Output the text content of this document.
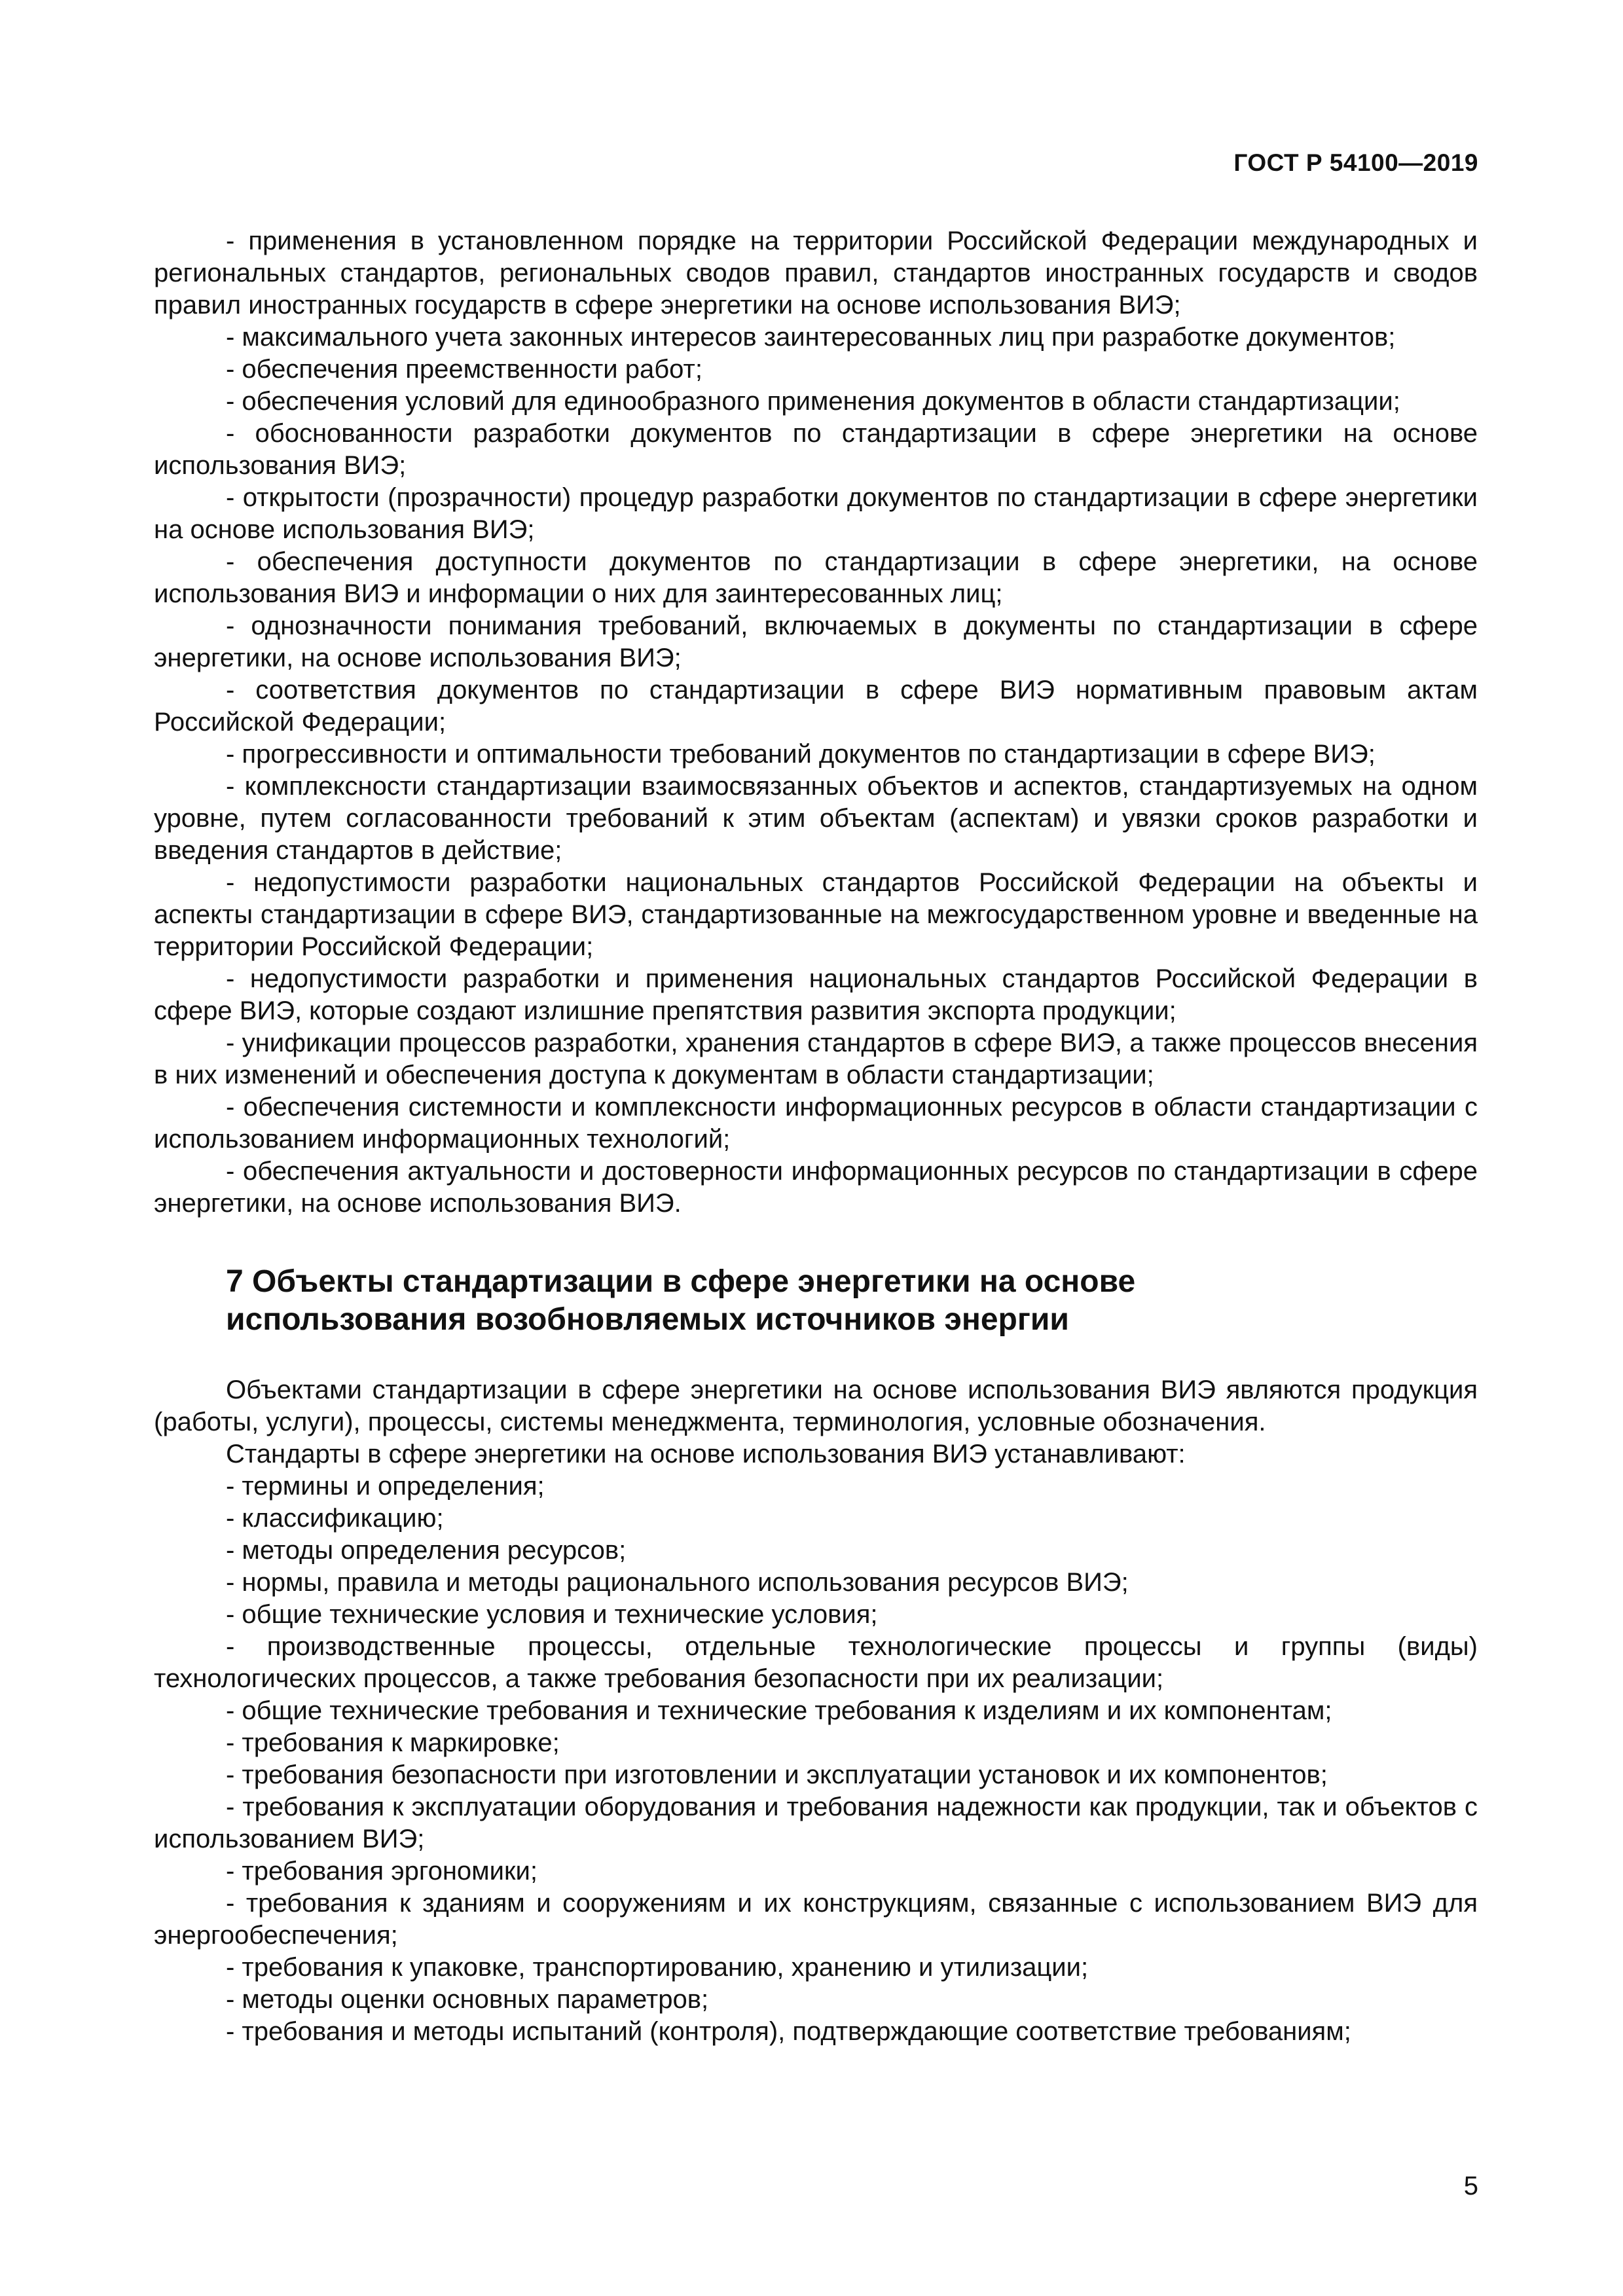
ГОСТ Р 54100—2019

- применения в установленном порядке на территории Российской Федерации международных и региональных стандартов, региональных сводов правил, стандартов иностранных государств и сводов правил иностранных государств в сфере энергетики на основе использования ВИЭ;

- максимального учета законных интересов заинтересованных лиц при разработке документов;

- обеспечения преемственности работ;

- обеспечения условий для единообразного применения документов в области стандартизации;

- обоснованности разработки документов по стандартизации в сфере энергетики на основе использования ВИЭ;

- открытости (прозрачности) процедур разработки документов по стандартизации в сфере энергетики на основе использования ВИЭ;

- обеспечения доступности документов по стандартизации в сфере энергетики, на основе использования ВИЭ и информации о них для заинтересованных лиц;

- однозначности понимания требований, включаемых в документы по стандартизации в сфере энергетики, на основе использования ВИЭ;

- соответствия документов по стандартизации в сфере ВИЭ нормативным правовым актам Российской Федерации;

- прогрессивности и оптимальности требований документов по стандартизации в сфере ВИЭ;

- комплексности стандартизации взаимосвязанных объектов и аспектов, стандартизуемых на одном уровне, путем согласованности требований к этим объектам (аспектам) и увязки сроков разработки и введения стандартов в действие;

- недопустимости разработки национальных стандартов Российской Федерации на объекты и аспекты стандартизации в сфере ВИЭ, стандартизованные на межгосударственном уровне и введенные на территории Российской Федерации;

- недопустимости разработки и применения национальных стандартов Российской Федерации в сфере ВИЭ, которые создают излишние препятствия развития экспорта продукции;

- унификации процессов разработки, хранения стандартов в сфере ВИЭ, а также процессов внесения в них изменений и обеспечения доступа к документам в области стандартизации;

- обеспечения системности и комплексности информационных ресурсов в области стандартизации с использованием информационных технологий;

- обеспечения актуальности и достоверности информационных ресурсов по стандартизации в сфере энергетики, на основе использования ВИЭ.

7 Объекты стандартизации в сфере энергетики на основе
использования возобновляемых источников энергии

Объектами стандартизации в сфере энергетики на основе использования ВИЭ являются продукция (работы, услуги), процессы, системы менеджмента, терминология, условные обозначения.

Стандарты в сфере энергетики на основе использования ВИЭ устанавливают:

- термины и определения;

- классификацию;

- методы определения ресурсов;

- нормы, правила и методы рационального использования ресурсов ВИЭ;

- общие технические условия и технические условия;

- производственные процессы, отдельные технологические процессы и группы (виды) технологических процессов, а также требования безопасности при их реализации;

- общие технические требования и технические требования к изделиям и их компонентам;

- требования к маркировке;

- требования безопасности при изготовлении и эксплуатации установок и их компонентов;

- требования к эксплуатации оборудования и требования надежности как продукции, так и объектов с использованием ВИЭ;

- требования эргономики;

- требования к зданиям и сооружениям и их конструкциям, связанные с использованием ВИЭ для энергообеспечения;

- требования к упаковке, транспортированию, хранению и утилизации;

- методы оценки основных параметров;

- требования и методы испытаний (контроля), подтверждающие соответствие требованиям;

5
